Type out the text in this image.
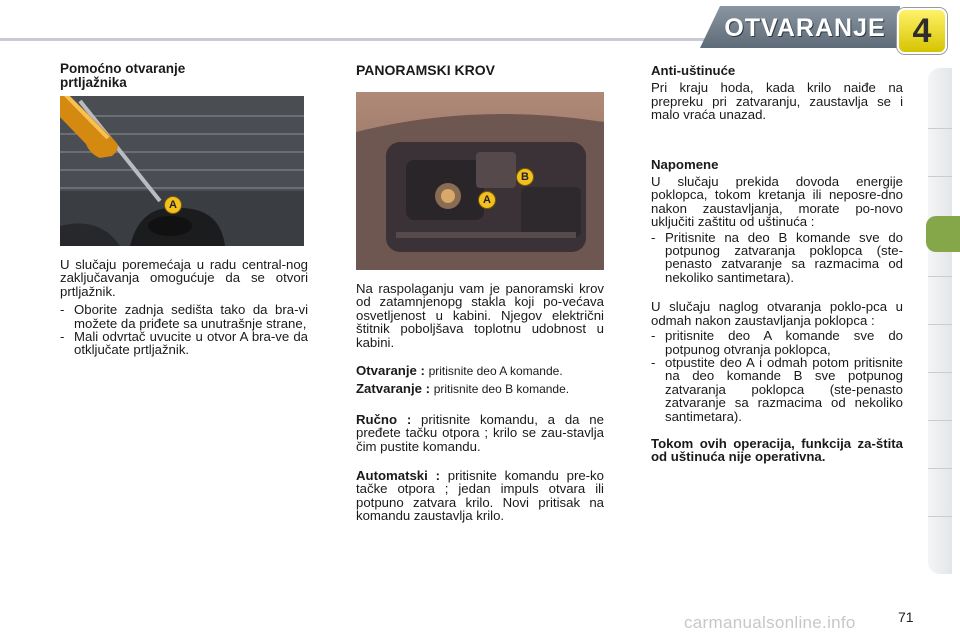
OTVARANJE 4

Pomoćno otvaranje prtljažnika

A

U slučaju poremećaja u radu central-nog zaključavanja omogućuje da se otvori prtljažnik.

- Oborite zadnja sedišta tako da bra-vi možete da priđete sa unutrašnje strane,
- Mali odvrtač uvucite u otvor A bra-ve da otključate prtljažnik.

PANORAMSKI KROV

B
A

Na raspolaganju vam je panoramski krov od zatamnjenopg stakla koji po-većava osvetljenost u kabini. Njegov električni štitnik poboljšava toplotnu udobnost u kabini.

Otvaranje : pritisnite deo A komande.

Zatvaranje : pritisnite deo B komande.

Ručno : pritisnite komandu, a da ne pređete tačku otpora ; krilo se zau-stavlja čim pustite komandu.

Automatski : pritisnite komandu pre-ko tačke otpora ; jedan impuls otvara ili potpuno zatvara krilo. Novi pritisak na komandu zaustavlja krilo.

Anti-uštinuće

Pri kraju hoda, kada krilo naiđe na prepreku pri zatvaranju, zaustavlja se i malo vraća unazad.

Napomene

U slučaju prekida dovoda energije poklopca, tokom kretanja ili neposre-dno nakon zaustavljanja, morate po-novo uključiti zaštitu od uštinuća :

- Pritisnite na deo B komande sve do potpunog zatvaranja poklopca (ste-penasto zatvaranje sa razmacima od nekoliko santimetara).

U slučaju naglog otvaranja poklo-pca u odmah nakon zaustavljanja poklopca :

- pritisnite deo A komande sve do potpunog otvranja poklopca,
- otpustite deo A i odmah potom pritisnite na deo komande B sve potpunog zatvaranja poklopca (ste-penasto zatvaranje sa razmacima od nekoliko santimetara).

Tokom ovih operacija, funkcija za-štita od uštinuća nije operativna.

carmanualsonline.info	71
